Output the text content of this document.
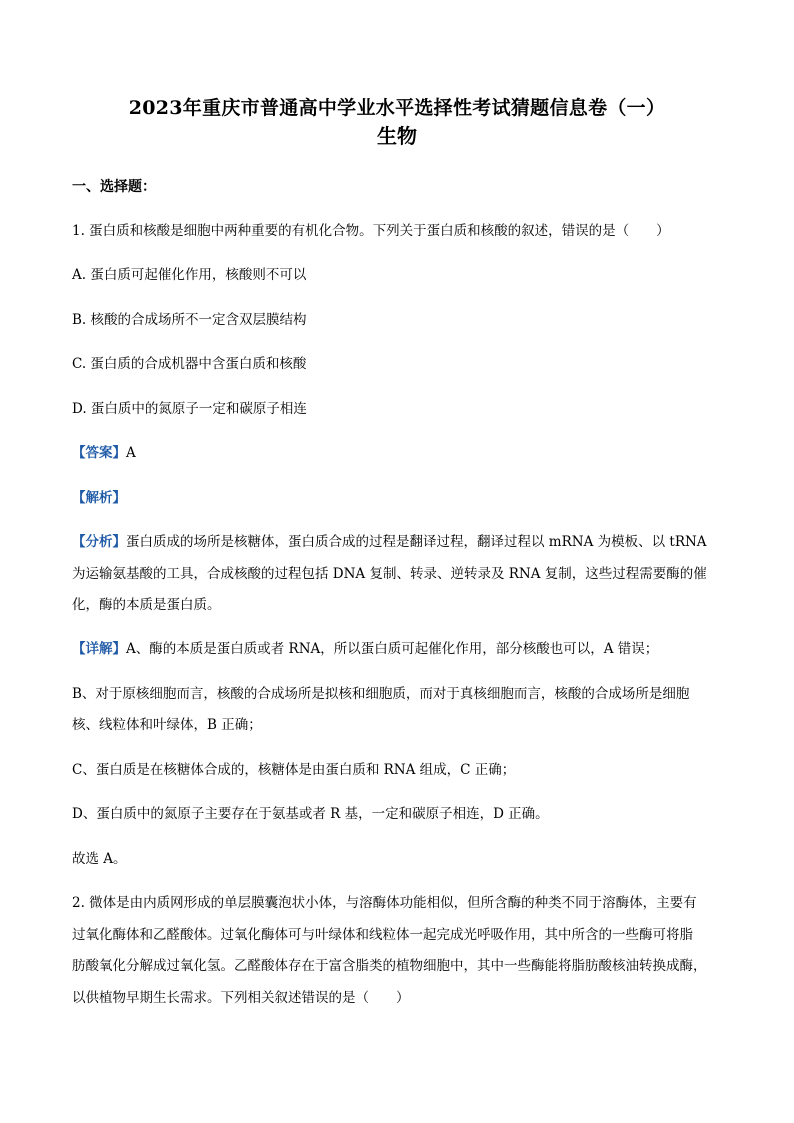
2023年重庆市普通高中学业水平选择性考试猜题信息卷（一）
生物
一、选择题：
1. 蛋白质和核酸是细胞中两种重要的有机化合物。下列关于蛋白质和核酸的叙述，错误的是（　　）
A. 蛋白质可起催化作用，核酸则不可以
B. 核酸的合成场所不一定含双层膜结构
C. 蛋白质的合成机器中含蛋白质和核酸
D. 蛋白质中的氮原子一定和碳原子相连
【答案】A
【解析】
【分析】蛋白质成的场所是核糖体，蛋白质合成的过程是翻译过程，翻译过程以 mRNA 为模板、以 tRNA
为运输氨基酸的工具，合成核酸的过程包括 DNA 复制、转录、逆转录及 RNA 复制，这些过程需要酶的催
化，酶的本质是蛋白质。
【详解】A、酶的本质是蛋白质或者 RNA，所以蛋白质可起催化作用，部分核酸也可以，A 错误；
B、对于原核细胞而言，核酸的合成场所是拟核和细胞质，而对于真核细胞而言，核酸的合成场所是细胞
核、线粒体和叶绿体，B 正确；
C、蛋白质是在核糖体合成的，核糖体是由蛋白质和 RNA 组成，C 正确；
D、蛋白质中的氮原子主要存在于氨基或者 R 基，一定和碳原子相连，D 正确。
故选 A。
2. 微体是由内质网形成的单层膜囊泡状小体，与溶酶体功能相似，但所含酶的种类不同于溶酶体，主要有
过氧化酶体和乙醛酸体。过氧化酶体可与叶绿体和线粒体一起完成光呼吸作用，其中所含的一些酶可将脂
肪酸氧化分解成过氧化氢。乙醛酸体存在于富含脂类的植物细胞中，其中一些酶能将脂肪酸核油转换成酶，
以供植物早期生长需求。下列相关叙述错误的是（　　）
